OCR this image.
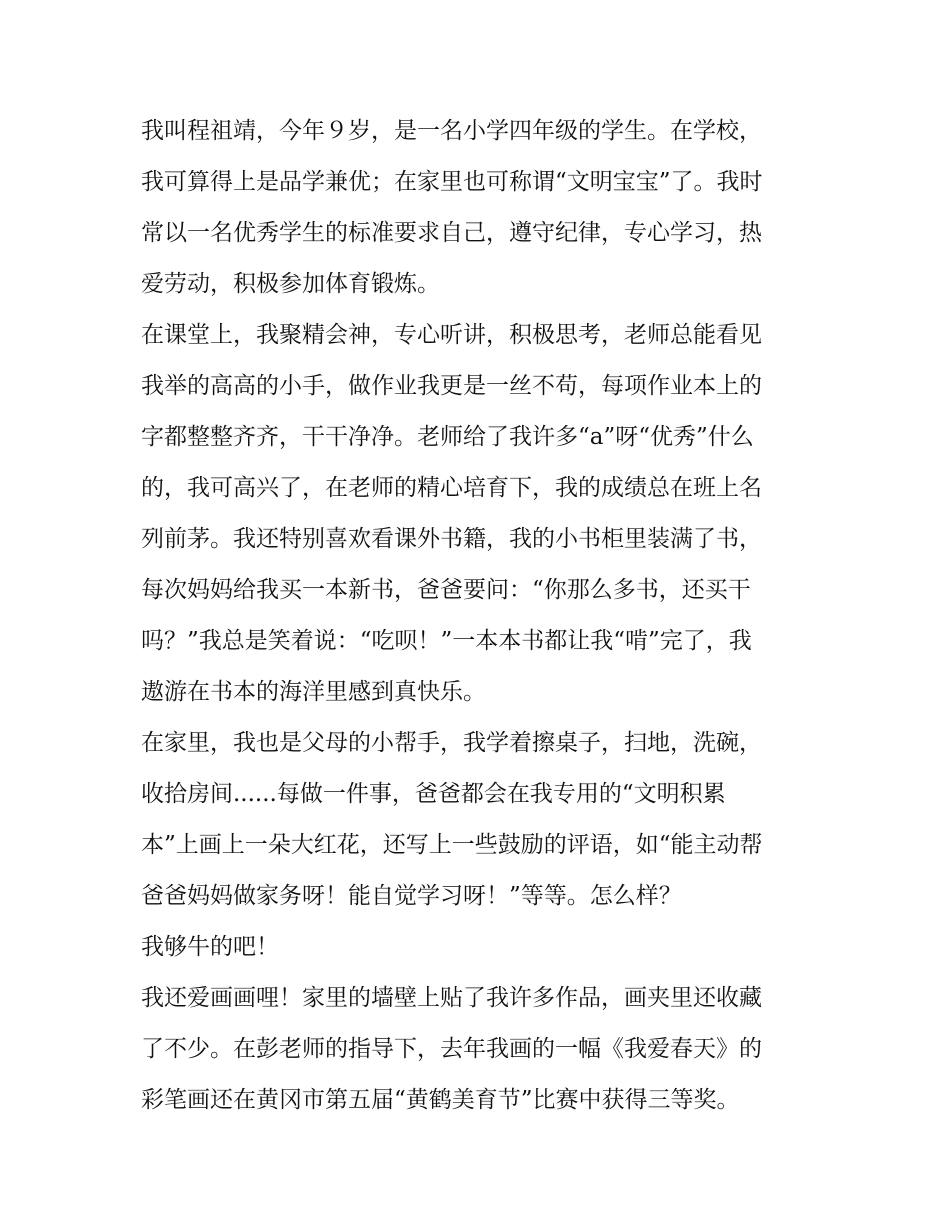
我叫程祖靖，今年９岁，是一名小学四年级的学生。在学校，
我可算得上是品学兼优；在家里也可称谓“文明宝宝”了。我时
常以一名优秀学生的标准要求自己，遵守纪律，专心学习，热
爱劳动，积极参加体育锻炼。
在课堂上，我聚精会神，专心听讲，积极思考，老师总能看见
我举的高高的小手，做作业我更是一丝不苟，每项作业本上的
字都整整齐齐，干干净净。老师给了我许多“a”呀“优秀”什么
的，我可高兴了，在老师的精心培育下，我的成绩总在班上名
列前茅。我还特别喜欢看课外书籍，我的小书柜里装满了书，
每次妈妈给我买一本新书，爸爸要问：“你那么多书，还买干
吗？”我总是笑着说：“吃呗！”一本本书都让我“啃”完了，我
遨游在书本的海洋里感到真快乐。
在家里，我也是父母的小帮手，我学着擦桌子，扫地，洗碗，
收拾房间......每做一件事，爸爸都会在我专用的“文明积累
本”上画上一朵大红花，还写上一些鼓励的评语，如“能主动帮
爸爸妈妈做家务呀！能自觉学习呀！”等等。怎么样？
我够牛的吧！
我还爱画画哩！家里的墙壁上贴了我许多作品，画夹里还收藏
了不少。在彭老师的指导下，去年我画的一幅《我爱春天》的
彩笔画还在黄冈市第五届“黄鹤美育节”比赛中获得三等奖。
